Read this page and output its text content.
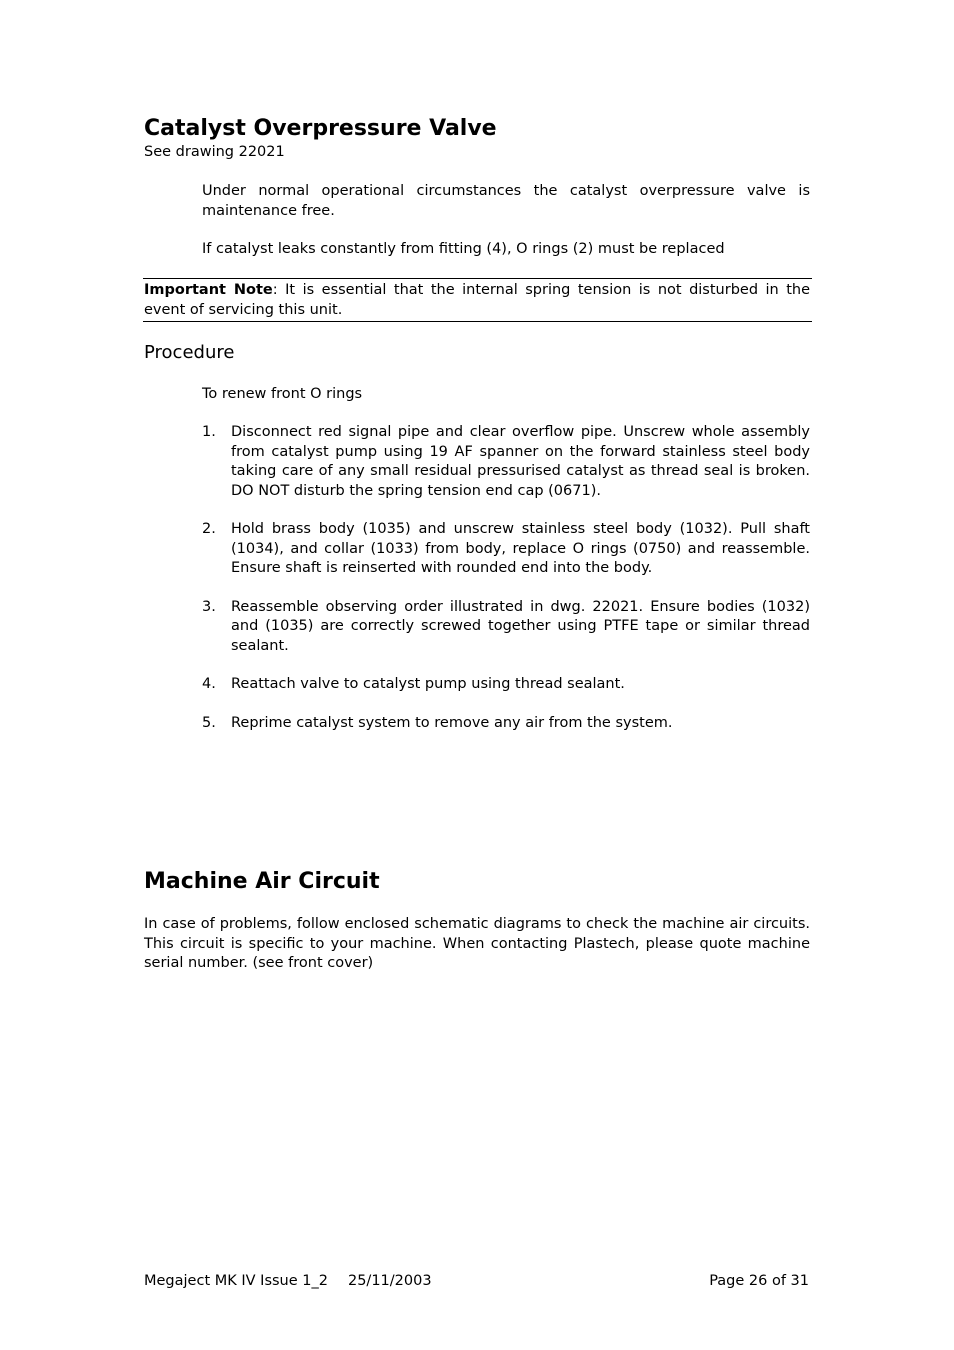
Catalyst Overpressure Valve
See drawing 22021
Under normal operational circumstances the catalyst overpressure valve is maintenance free.
If catalyst leaks constantly from fitting (4), O rings (2) must be replaced
Important Note: It is essential that the internal spring tension is not disturbed in the event of servicing this unit.
Procedure
To renew front O rings
1. Disconnect red signal pipe and clear overflow pipe. Unscrew whole assembly from catalyst pump using 19 AF spanner on the forward stainless steel body taking care of any small residual pressurised catalyst as thread seal is broken. DO NOT disturb the spring tension end cap (0671).
2. Hold brass body (1035) and unscrew stainless steel body (1032). Pull shaft (1034), and collar (1033) from body, replace O rings (0750) and reassemble. Ensure shaft is reinserted with rounded end into the body.
3. Reassemble observing order illustrated in dwg. 22021. Ensure bodies (1032) and (1035) are correctly screwed together using PTFE tape or similar thread sealant.
4. Reattach valve to catalyst pump using thread sealant.
5. Reprime catalyst system to remove any air from the system.
Machine Air Circuit
In case of problems, follow enclosed schematic diagrams to check the machine air circuits. This circuit is specific to your machine. When contacting Plastech, please quote machine serial number. (see front cover)
Megaject MK IV Issue 1_2 25/11/2003	Page 26 of 31
